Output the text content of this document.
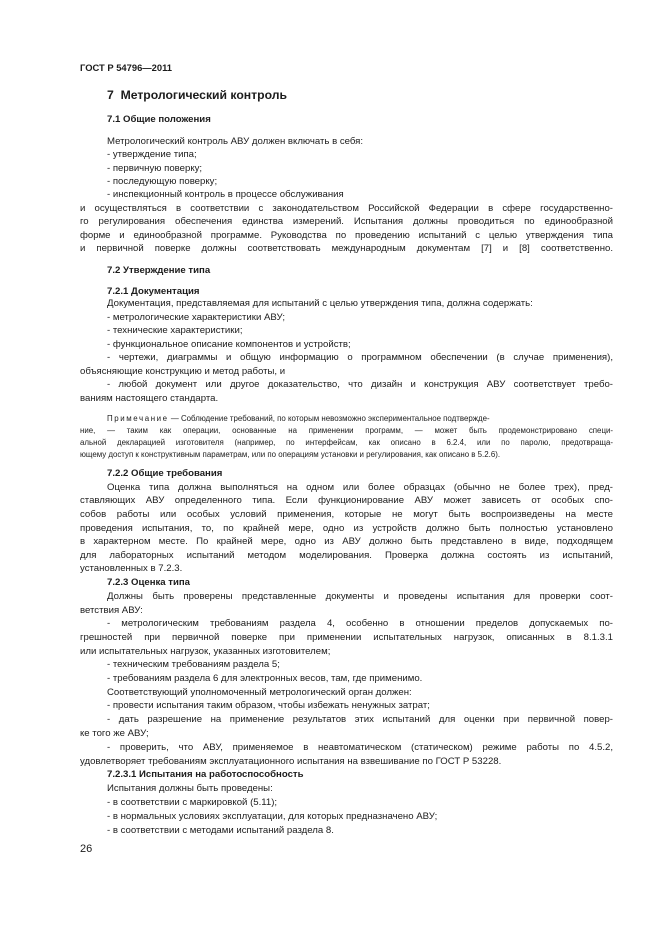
ГОСТ Р 54796—2011
7 Метрологический контроль
7.1 Общие положения
Метрологический контроль АВУ должен включать в себя:
- утверждение типа;
- первичную поверку;
- последующую поверку;
- инспекционный контроль в процессе обслуживания
и осуществляться в соответствии с законодательством Российской Федерации в сфере государственно-
го регулирования обеспечения единства измерений. Испытания должны проводиться по единообразной
форме и единообразной программе. Руководства по проведению испытаний с целью утверждения типа
и первичной поверке должны соответствовать международным документам [7] и [8] соответственно.
7.2 Утверждение типа
7.2.1 Документация
Документация, представляемая для испытаний с целью утверждения типа, должна содержать:
- метрологические характеристики АВУ;
- технические характеристики;
- функциональное описание компонентов и устройств;
- чертежи, диаграммы и общую информацию о программном обеспечении (в случае применения),
объясняющие конструкцию и метод работы, и
- любой документ или другое доказательство, что дизайн и конструкция АВУ соответствует требо-
ваниям настоящего стандарта.
Примечание — Соблюдение требований, по которым невозможно экспериментальное подтвержде-
ние, — таким как операции, основанные на применении программ, — может быть продемонстрировано специ-
альной декларацией изготовителя (например, по интерфейсам, как описано в 6.2.4, или по паролю, предотвраща-
ющему доступ к конструктивным параметрам, или по операциям установки и регулирования, как описано в 5.2.6).
7.2.2 Общие требования
Оценка типа должна выполняться на одном или более образцах (обычно не более трех), пред-
ставляющих АВУ определенного типа. Если функционирование АВУ может зависеть от особых спо-
собов работы или особых условий применения, которые не могут быть воспроизведены на месте
проведения испытания, то, по крайней мере, одно из устройств должно быть полностью установлено
в характерном месте. По крайней мере, одно из АВУ должно быть представлено в виде, подходящем
для лабораторных испытаний методом моделирования. Проверка должна состоять из испытаний,
установленных в 7.2.3.
7.2.3 Оценка типа
Должны быть проверены представленные документы и проведены испытания для проверки соот-
ветствия АВУ:
- метрологическим требованиям раздела 4, особенно в отношении пределов допускаемых по-
грешностей при первичной поверке при применении испытательных нагрузок, описанных в 8.1.3.1
или испытательных нагрузок, указанных изготовителем;
- техническим требованиям раздела 5;
- требованиям раздела 6 для электронных весов, там, где применимо.
Соответствующий уполномоченный метрологический орган должен:
- провести испытания таким образом, чтобы избежать ненужных затрат;
- дать разрешение на применение результатов этих испытаний для оценки при первичной повер-
ке того же АВУ;
- проверить, что АВУ, применяемое в неавтоматическом (статическом) режиме работы по 4.5.2,
удовлетворяет требованиям эксплуатационного испытания на взвешивание по ГОСТ Р 53228.
7.2.3.1 Испытания на работоспособность
Испытания должны быть проведены:
- в соответствии с маркировкой (5.11);
- в нормальных условиях эксплуатации, для которых предназначено АВУ;
- в соответствии с методами испытаний раздела 8.
26
